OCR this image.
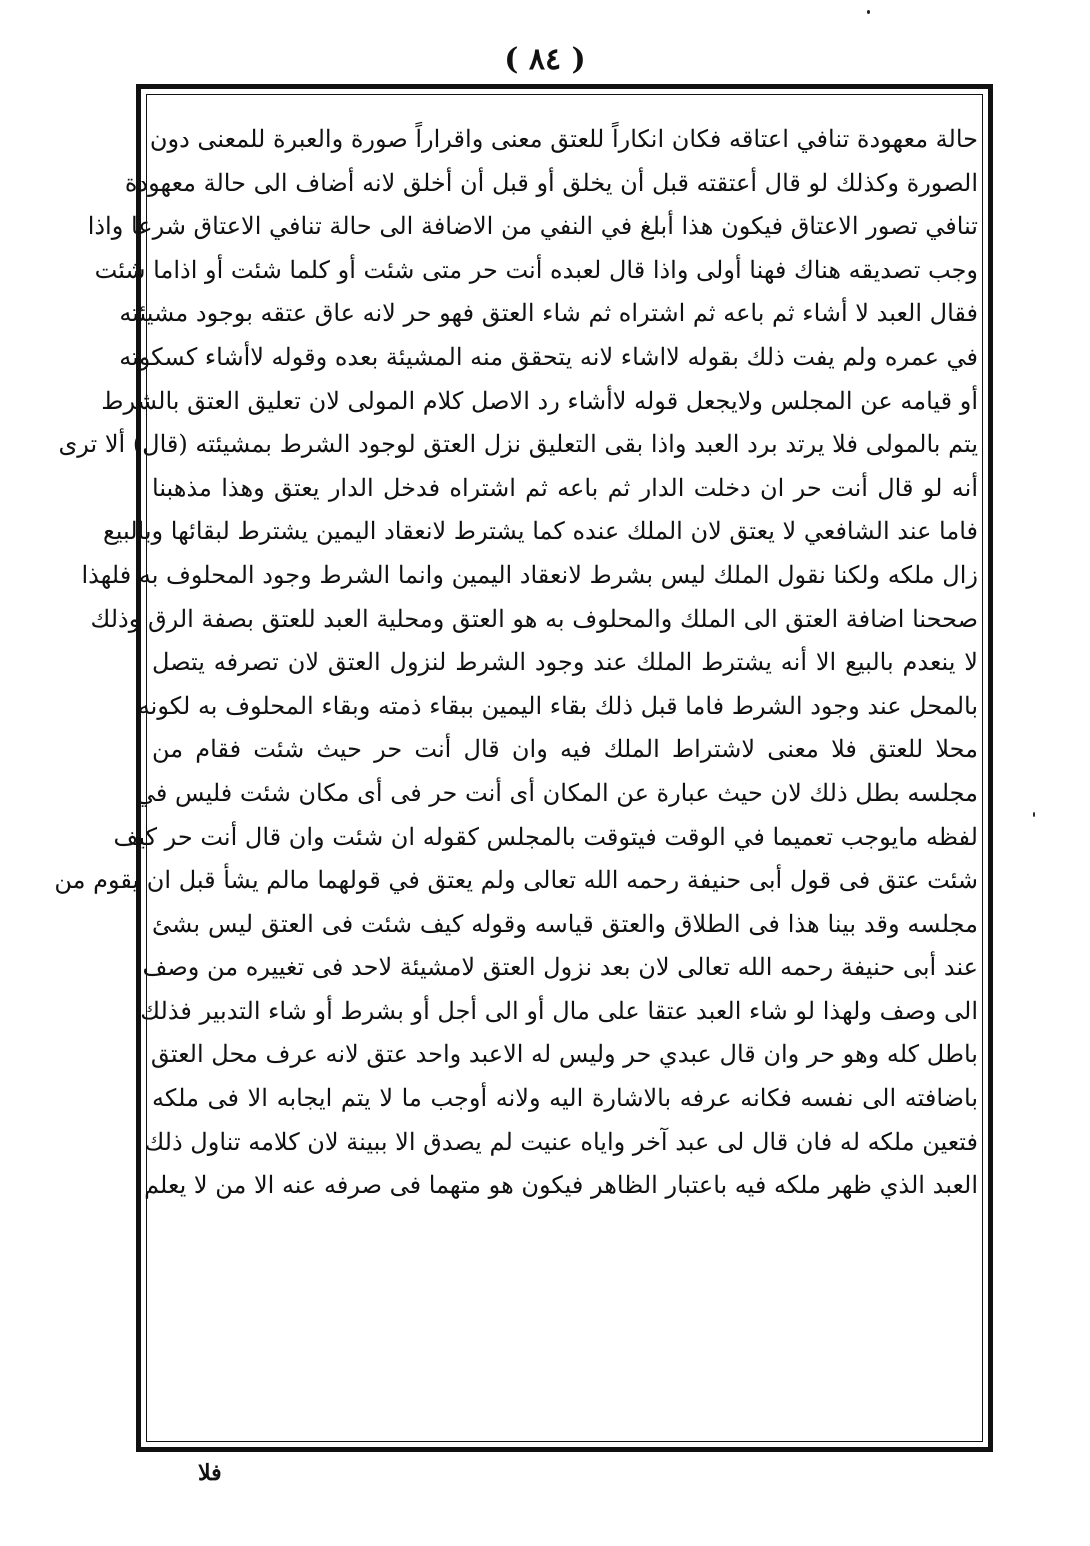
( ٨٤ )
حالة معهودة تنافي اعتاقه فكان انكاراً للعتق معنى واقراراً صورة والعبرة للمعنى دون
الصورة وكذلك لو قال أعتقته قبل أن يخلق أو قبل أن أخلق لانه أضاف الى حالة معهودة
تنافي تصور الاعتاق فيكون هذا أبلغ في النفي من الاضافة الى حالة تنافي الاعتاق شرعا واذا
وجب تصديقه هناك فهنا أولى واذا قال لعبده أنت حر متى شئت أو كلما شئت أو اذاما شئت
فقال العبد لا أشاء ثم باعه ثم اشتراه ثم شاء العتق فهو حر لانه عاق عتقه بوجود مشيئته
في عمره ولم يفت ذلك بقوله لااشاء لانه يتحقق منه المشيئة بعده وقوله لاأشاء كسكوته
أو قيامه عن المجلس ولايجعل قوله لاأشاء رد الاصل كلام المولى لان تعليق العتق بالشرط
يتم بالمولى فلا يرتد برد العبد واذا بقى التعليق نزل العتق لوجود الشرط بمشيئته (قال) ألا ترى
أنه لو قال أنت حر ان دخلت الدار ثم باعه ثم اشتراه فدخل الدار يعتق وهذا مذهبنا
فاما عند الشافعي لا يعتق لان الملك عنده كما يشترط لانعقاد اليمين يشترط لبقائها وبالبيع
زال ملكه ولكنا نقول الملك ليس بشرط لانعقاد اليمين وانما الشرط وجود المحلوف به فلهذا
صححنا اضافة العتق الى الملك والمحلوف به هو العتق ومحلية العبد للعتق بصفة الرق وذلك
لا ينعدم بالبيع الا أنه يشترط الملك عند وجود الشرط لنزول العتق لان تصرفه يتصل
بالمحل عند وجود الشرط فاما قبل ذلك بقاء اليمين ببقاء ذمته وبقاء المحلوف به لكونه
محلا للعتق فلا معنى لاشتراط الملك فيه وان قال أنت حر حيث شئت فقام من
مجلسه بطل ذلك لان حيث عبارة عن المكان أى أنت حر فى أى مكان شئت فليس في
لفظه مايوجب تعميما في الوقت فيتوقت بالمجلس كقوله ان شئت وان قال أنت حر كيف
شئت عتق فى قول أبى حنيفة رحمه الله تعالى ولم يعتق في قولهما مالم يشأ قبل ان يقوم من
مجلسه وقد بينا هذا فى الطلاق والعتق قياسه وقوله كيف شئت فى العتق ليس بشئ
عند أبى حنيفة رحمه الله تعالى لان بعد نزول العتق لامشيئة لاحد فى تغييره من وصف
الى وصف ولهذا لو شاء العبد عتقا على مال أو الى أجل أو بشرط أو شاء التدبير فذلك
باطل كله وهو حر وان قال عبدي حر وليس له الاعبد واحد عتق لانه عرف محل العتق
باضافته الى نفسه فكانه عرفه بالاشارة اليه ولانه أوجب ما لا يتم ايجابه الا فى ملكه
فتعين ملكه له فان قال لى عبد آخر واياه عنيت لم يصدق الا ببينة لان كلامه تناول ذلك
العبد الذي ظهر ملكه فيه باعتبار الظاهر فيكون هو متهما فى صرفه عنه الا من لا يعلم
فلا
